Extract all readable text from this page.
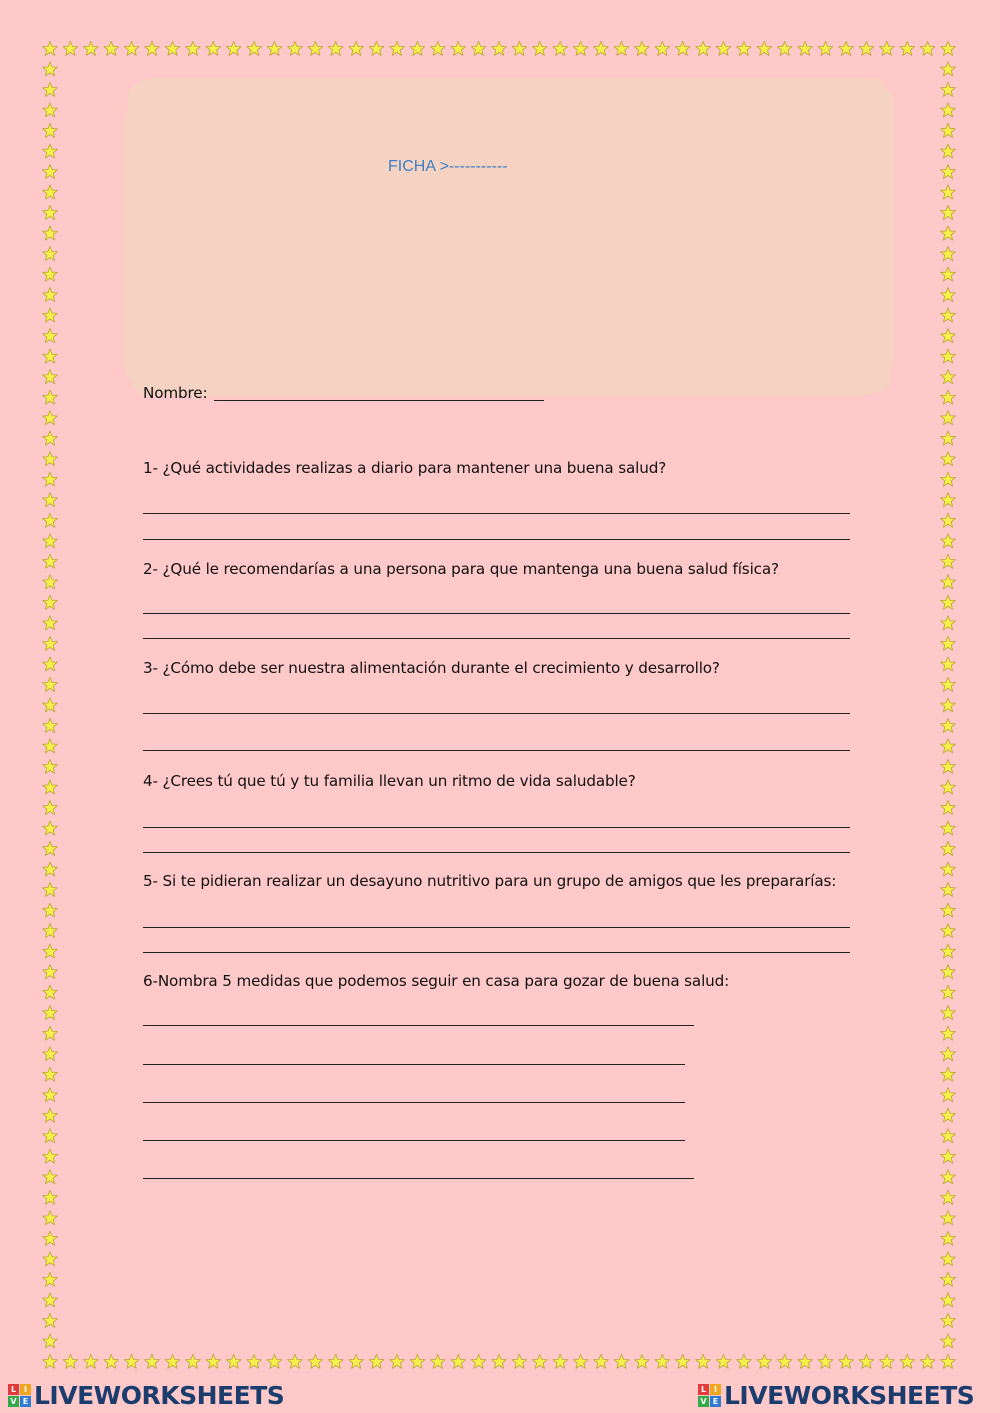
FICHA >-----------
Nombre:
1- ¿Qué actividades realizas a diario para mantener una buena salud?
2- ¿Qué le recomendarías a una persona para que mantenga una buena salud física?
3- ¿Cómo debe ser nuestra alimentación durante el crecimiento y desarrollo?
4- ¿Crees tú que tú y tu familia llevan un ritmo de vida saludable?
5- Si te pidieran realizar un desayuno nutritivo para un grupo de amigos que les prepararías:
6-Nombra 5 medidas que podemos seguir en casa para gozar de buena salud:
L I
V E LIVEWORKSHEETS	L I
V E LIVEWORKSHEETS
